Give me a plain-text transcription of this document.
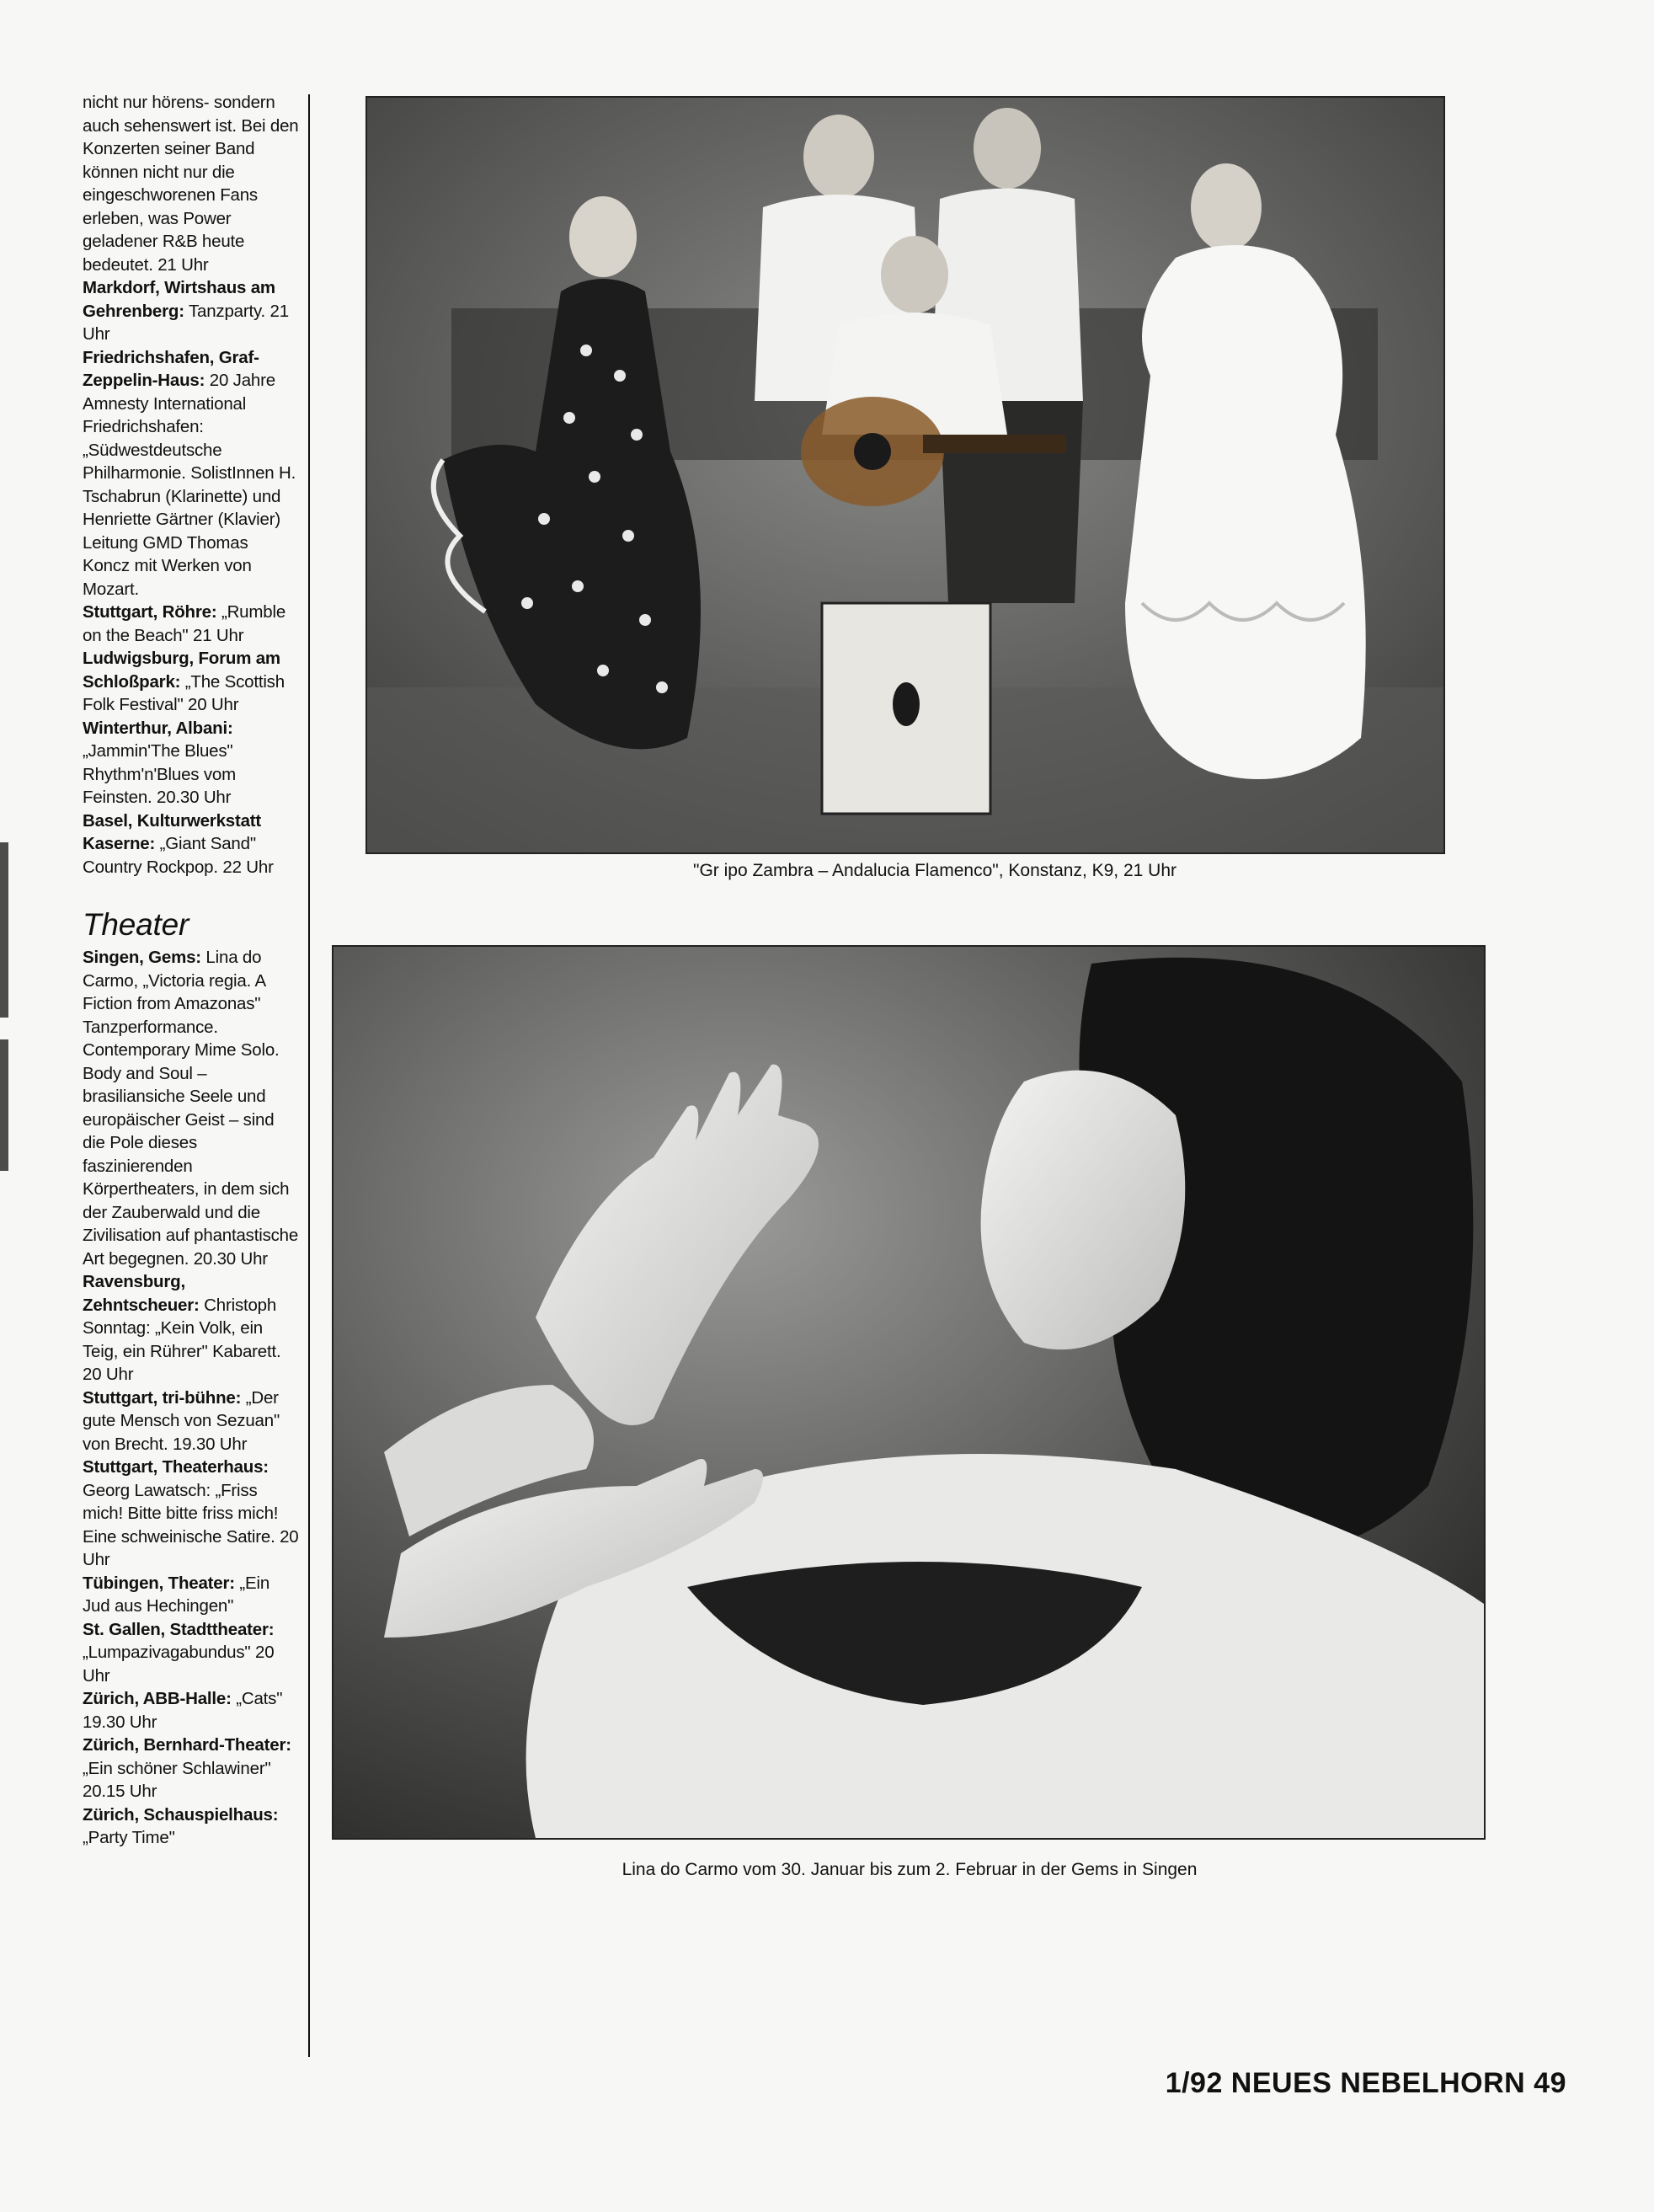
nicht nur hörens- sondern auch sehenswert ist. Bei den Konzerten seiner Band können nicht nur die eingeschworenen Fans erleben, was Power geladener R&B heute bedeutet. 21 Uhr

Markdorf, Wirtshaus am Gehrenberg: Tanzparty. 21 Uhr

Friedrichshafen, Graf-Zeppelin-Haus: 20 Jahre Amnesty International Friedrichshafen: „Südwestdeutsche Philharmonie. SolistInnen H. Tschabrun (Klarinette) und Henriette Gärtner (Klavier) Leitung GMD Thomas Koncz mit Werken von Mozart.

Stuttgart, Röhre: „Rumble on the Beach" 21 Uhr

Ludwigsburg, Forum am Schloßpark: „The Scottish Folk Festival" 20 Uhr

Winterthur, Albani: „Jammin'The Blues" Rhythm'n'Blues vom Feinsten. 20.30 Uhr

Basel, Kulturwerkstatt Kaserne: „Giant Sand" Country Rockpop. 22 Uhr

Theater

Singen, Gems: Lina do Carmo, „Victoria regia. A Fiction from Amazonas" Tanzperformance. Contemporary Mime Solo. Body and Soul – brasiliansiche Seele und europäischer Geist – sind die Pole dieses faszinierenden Körpertheaters, in dem sich der Zauberwald und die Zivilisation auf phantastische Art begegnen. 20.30 Uhr

Ravensburg, Zehntscheuer: Christoph Sonntag: „Kein Volk, ein Teig, ein Rührer" Kabarett. 20 Uhr

Stuttgart, tri-bühne: „Der gute Mensch von Sezuan" von Brecht. 19.30 Uhr

Stuttgart, Theaterhaus: Georg Lawatsch: „Friss mich! Bitte bitte friss mich! Eine schweinische Satire. 20 Uhr

Tübingen, Theater: „Ein Jud aus Hechingen"

St. Gallen, Stadttheater: „Lumpazivagabundus" 20 Uhr

Zürich, ABB-Halle: „Cats" 19.30 Uhr

Zürich, Bernhard-Theater: „Ein schöner Schlawiner" 20.15 Uhr

Zürich, Schauspielhaus: „Party Time"

"Gr ipo Zambra – Andalucia Flamenco", Konstanz, K9, 21 Uhr
Lina do Carmo vom 30. Januar bis zum 2. Februar in der Gems in Singen
1/92 NEUES NEBELHORN 49
